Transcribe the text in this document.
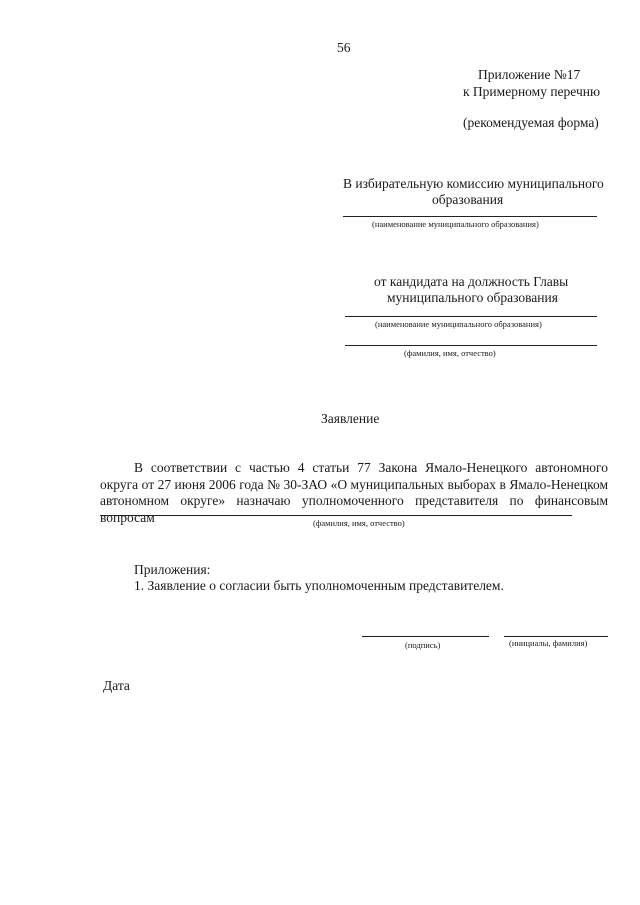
56
Приложение №17
к Примерному перечню
(рекомендуемая форма)
В избирательную комиссию муниципального
образования
(наименование муниципального образования)
от кандидата на должность Главы
муниципального образования
(наименование муниципального образования)
(фамилия, имя, отчество)
Заявление
В соответствии с частью 4 статьи 77 Закона Ямало-Ненецкого автономного округа от 27 июня 2006 года № 30-ЗАО «О муниципальных выборах в Ямало-Ненецком автономном округе» назначаю уполномоченного представителя по финансовым вопросам	(фамилия, имя, отчество)
Приложения:
1. Заявление о согласии быть уполномоченным представителем.
(подпись)	(инициалы, фамилия)
Дата
